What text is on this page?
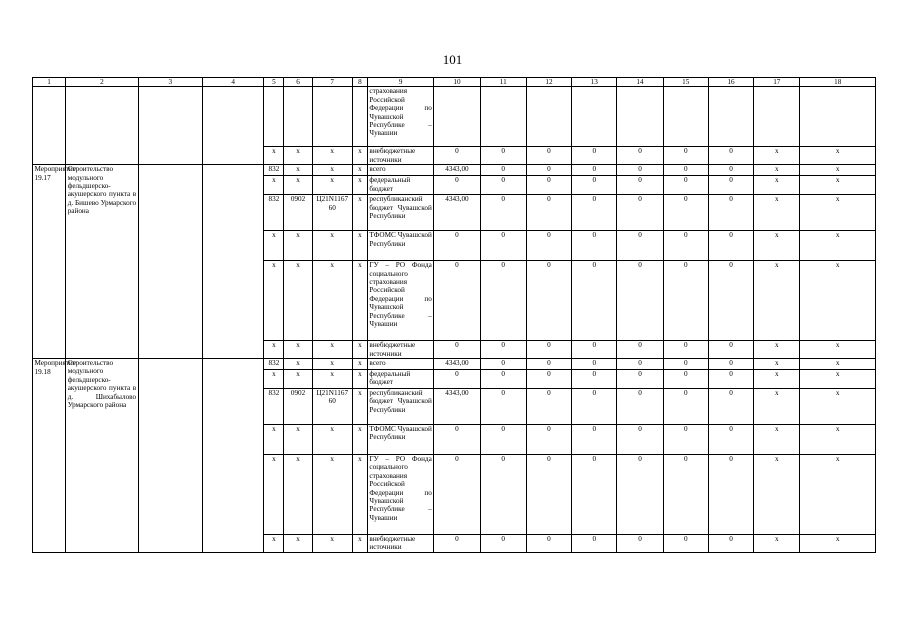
101
1	2	3	4	5	6	7	8	9	10	11	12	13	14	15	16	17	18
								страхования Российской Федерации по Чувашской Республике – Чувашии									
				x	x	x	x	внебюджетные источники	0	0	0	0	0	0	0	x	x
Мероприятие 19.17	Строительство модульного фельдшерско-акушерского пункта в д. Бишево Урмарского района			832	x	x	x	всего	4343,00	0	0	0	0	0	0	x	x
				x	x	x	x	федеральный бюджет	0	0	0	0	0	0	0	x	x
				832	0902	Ц21N1167 60	x	республиканский бюджет Чувашской Республики	4343,00	0	0	0	0	0	0	x	x
				x	x	x	x	ТФОМС Чувашской Республики	0	0	0	0	0	0	0	x	x
				x	x	x	x	ГУ – РО Фонда социального страхования Российской Федерации по Чувашской Республике – Чувашии	0	0	0	0	0	0	0	x	x
				x	x	x	x	внебюджетные источники	0	0	0	0	0	0	0	x	x
Мероприятие 19.18	Строительство модульного фельдшерско-акушерского пункта в д. Шихабылово Урмарского района			832	x	x	x	всего	4343,00	0	0	0	0	0	0	x	x
				x	x	x	x	федеральный бюджет	0	0	0	0	0	0	0	x	x
				832	0902	Ц21N1167 60	x	республиканский бюджет Чувашской Республики	4343,00	0	0	0	0	0	0	x	x
				x	x	x	x	ТФОМС Чувашской Республики	0	0	0	0	0	0	0	x	x
				x	x	x	x	ГУ – РО Фонда социального страхования Российской Федерации по Чувашской Республике – Чувашии	0	0	0	0	0	0	0	x	x
				x	x	x	x	внебюджетные источники	0	0	0	0	0	0	0	x	x
